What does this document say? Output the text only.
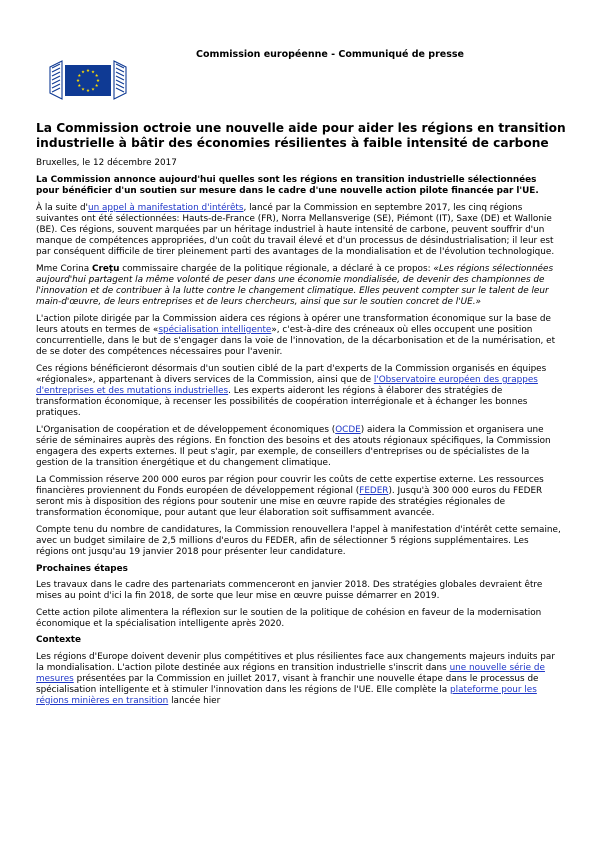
Commission européenne - Communiqué de presse
La Commission octroie une nouvelle aide pour aider les régions en transition industrielle à bâtir des économies résilientes à faible intensité de carbone

Bruxelles, le 12 décembre 2017

La Commission annonce aujourd'hui quelles sont les régions en transition industrielle sélectionnées pour bénéficier d'un soutien sur mesure dans le cadre d'une nouvelle action pilote financée par l'UE.

À la suite d'un appel à manifestation d'intérêts, lancé par la Commission en septembre 2017, les cinq régions suivantes ont été sélectionnées: Hauts-de-France (FR), Norra Mellansverige (SE), Piémont (IT), Saxe (DE) et Wallonie (BE). Ces régions, souvent marquées par un héritage industriel à haute intensité de carbone, peuvent souffrir d'un manque de compétences appropriées, d'un coût du travail élevé et d'un processus de désindustrialisation; il leur est par conséquent difficile de tirer pleinement parti des avantages de la mondialisation et de l'évolution technologique.

Mme Corina Crețu commissaire chargée de la politique régionale, a déclaré à ce propos: «Les régions sélectionnées aujourd'hui partagent la même volonté de peser dans une économie mondialisée, de devenir des championnes de l'innovation et de contribuer à la lutte contre le changement climatique. Elles peuvent compter sur le talent de leur main-d'œuvre, de leurs entreprises et de leurs chercheurs, ainsi que sur le soutien concret de l'UE.»

L'action pilote dirigée par la Commission aidera ces régions à opérer une transformation économique sur la base de leurs atouts en termes de «spécialisation intelligente», c'est-à-dire des créneaux où elles occupent une position concurrentielle, dans le but de s'engager dans la voie de l'innovation, de la décarbonisation et de la numérisation, et de se doter des compétences nécessaires pour l'avenir.

Ces régions bénéficieront désormais d'un soutien ciblé de la part d'experts de la Commission organisés en équipes «régionales», appartenant à divers services de la Commission, ainsi que de l'Observatoire européen des grappes d'entreprises et des mutations industrielles. Les experts aideront les régions à élaborer des stratégies de transformation économique, à recenser les possibilités de coopération interrégionale et à échanger les bonnes pratiques.

L'Organisation de coopération et de développement économiques (OCDE) aidera la Commission et organisera une série de séminaires auprès des régions. En fonction des besoins et des atouts régionaux spécifiques, la Commission engagera des experts externes. Il peut s'agir, par exemple, de conseillers d'entreprises ou de spécialistes de la gestion de la transition énergétique et du changement climatique.

La Commission réserve 200 000 euros par région pour couvrir les coûts de cette expertise externe. Les ressources financières proviennent du Fonds européen de développement régional (FEDER). Jusqu'à 300 000 euros du FEDER seront mis à disposition des régions pour soutenir une mise en œuvre rapide des stratégies régionales de transformation économique, pour autant que leur élaboration soit suffisamment avancée.

Compte tenu du nombre de candidatures, la Commission renouvellera l'appel à manifestation d'intérêt cette semaine, avec un budget similaire de 2,5 millions d'euros du FEDER, afin de sélectionner 5 régions supplémentaires. Les régions ont jusqu'au 19 janvier 2018 pour présenter leur candidature.

Prochaines étapes

Les travaux dans le cadre des partenariats commenceront en janvier 2018. Des stratégies globales devraient être mises au point d'ici la fin 2018, de sorte que leur mise en œuvre puisse démarrer en 2019.

Cette action pilote alimentera la réflexion sur le soutien de la politique de cohésion en faveur de la modernisation économique et la spécialisation intelligente après 2020.

Contexte

Les régions d'Europe doivent devenir plus compétitives et plus résilientes face aux changements majeurs induits par la mondialisation. L'action pilote destinée aux régions en transition industrielle s'inscrit dans une nouvelle série de mesures présentées par la Commission en juillet 2017, visant à franchir une nouvelle étape dans le processus de spécialisation intelligente et à stimuler l'innovation dans les régions de l'UE. Elle complète la plateforme pour les régions minières en transition lancée hier
